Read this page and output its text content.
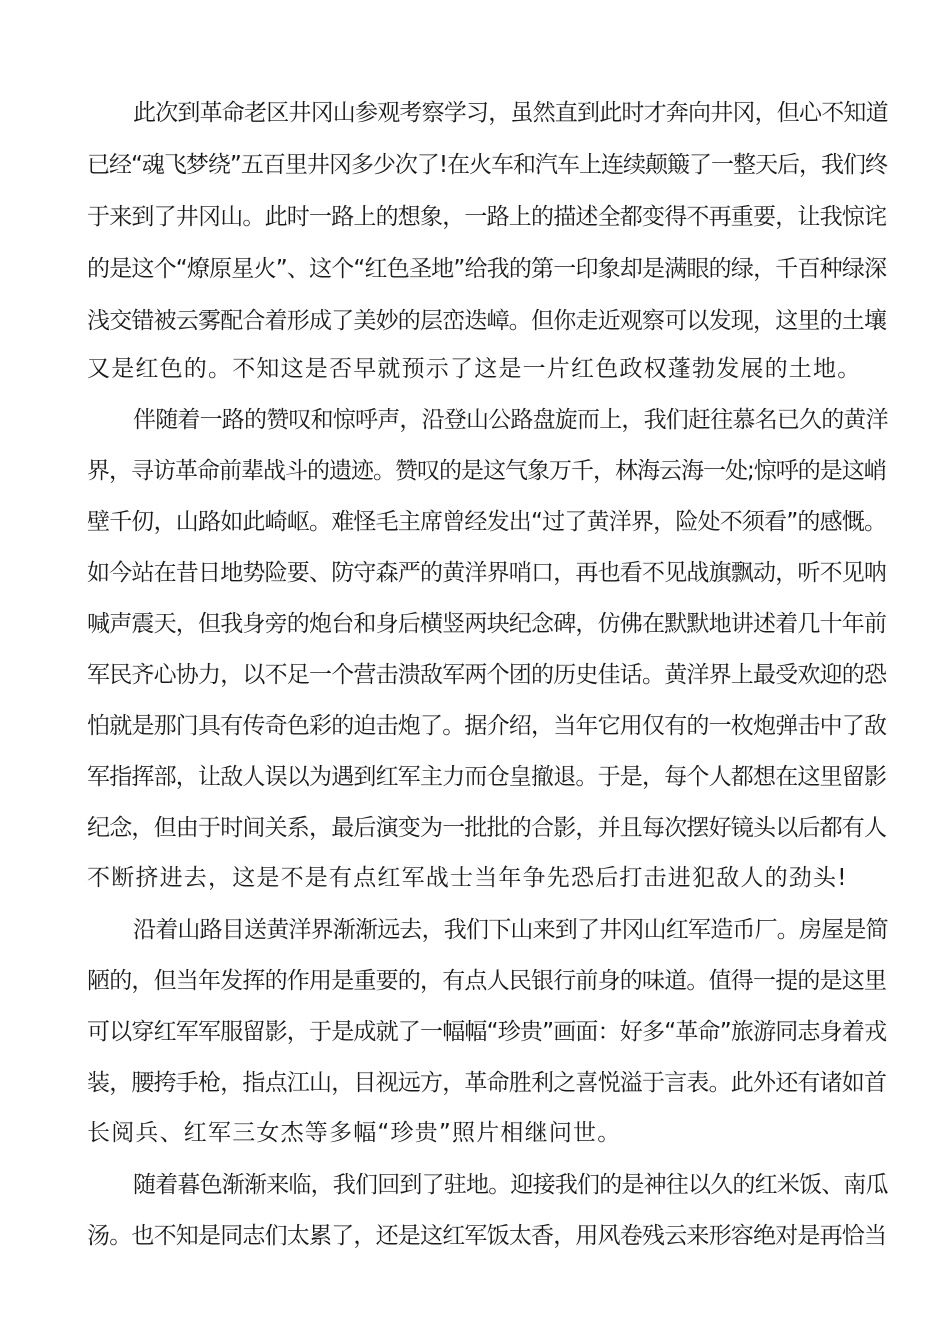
此次到革命老区井冈山参观考察学习，虽然直到此时才奔向井冈，但心不知道
已经“魂飞梦绕”五百里井冈多少次了!在火车和汽车上连续颠簸了一整天后，我们终
于来到了井冈山。此时一路上的想象，一路上的描述全都变得不再重要，让我惊诧
的是这个“燎原星火”、这个“红色圣地”给我的第一印象却是满眼的绿，千百种绿深
浅交错被云雾配合着形成了美妙的层峦迭嶂。但你走近观察可以发现，这里的土壤
又是红色的。不知这是否早就预示了这是一片红色政权蓬勃发展的土地。
伴随着一路的赞叹和惊呼声，沿登山公路盘旋而上，我们赶往慕名已久的黄洋
界，寻访革命前辈战斗的遗迹。赞叹的是这气象万千，林海云海一处;惊呼的是这峭
壁千仞，山路如此崎岖。难怪毛主席曾经发出“过了黄洋界，险处不须看”的感慨。
如今站在昔日地势险要、防守森严的黄洋界哨口，再也看不见战旗飘动，听不见呐
喊声震天，但我身旁的炮台和身后横竖两块纪念碑，仿佛在默默地讲述着几十年前
军民齐心协力，以不足一个营击溃敌军两个团的历史佳话。黄洋界上最受欢迎的恐
怕就是那门具有传奇色彩的迫击炮了。据介绍，当年它用仅有的一枚炮弹击中了敌
军指挥部，让敌人误以为遇到红军主力而仓皇撤退。于是，每个人都想在这里留影
纪念，但由于时间关系，最后演变为一批批的合影，并且每次摆好镜头以后都有人
不断挤进去，这是不是有点红军战士当年争先恐后打击进犯敌人的劲头!
沿着山路目送黄洋界渐渐远去，我们下山来到了井冈山红军造币厂。房屋是简
陋的，但当年发挥的作用是重要的，有点人民银行前身的味道。值得一提的是这里
可以穿红军军服留影，于是成就了一幅幅“珍贵”画面：好多“革命”旅游同志身着戎
装，腰挎手枪，指点江山，目视远方，革命胜利之喜悦溢于言表。此外还有诸如首
长阅兵、红军三女杰等多幅“珍贵”照片相继问世。
随着暮色渐渐来临，我们回到了驻地。迎接我们的是神往以久的红米饭、南瓜
汤。也不知是同志们太累了，还是这红军饭太香，用风卷残云来形容绝对是再恰当
